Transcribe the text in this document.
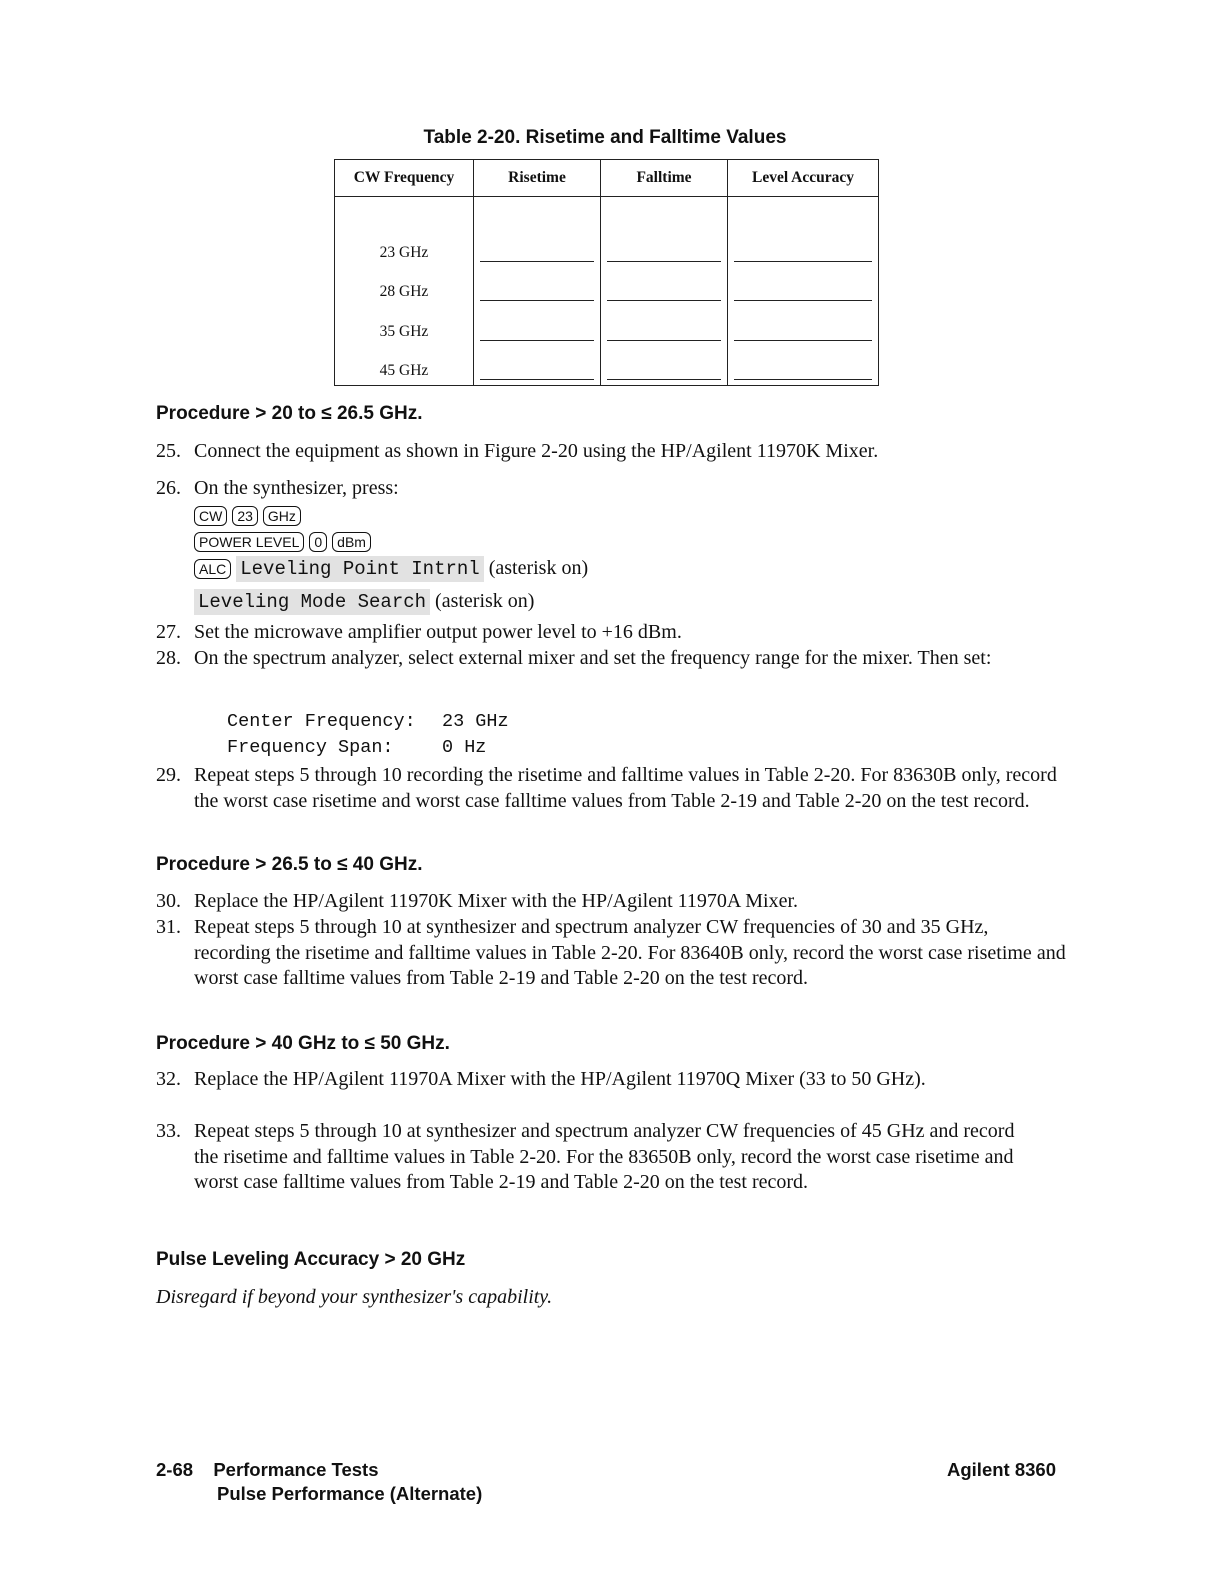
Table 2-20. Risetime and Falltime Values
CW Frequency	Risetime	Falltime	Level Accuracy

23 GHz	

28 GHz	

35 GHz	

45 GHz	

Procedure > 20 to ≤ 26.5 GHz.
25. Connect the equipment as shown in Figure 2-20 using the HP/Agilent 11970K Mixer.
26. On the synthesizer, press:
CW 23 GHz
POWER LEVEL 0 dBm
ALC Leveling Point Intrnl (asterisk on)
Leveling Mode Search (asterisk on)
27. Set the microwave amplifier output power level to +16 dBm.
28. On the spectrum analyzer, select external mixer and set the frequency range for the mixer. Then set:
Center Frequency: 23 GHz
Frequency Span:	0 Hz
29. Repeat steps 5 through 10 recording the risetime and falltime values in Table 2-20. For 83630B only, record the worst case risetime and worst case falltime values from Table 2-19 and Table 2-20 on the test record.
Procedure > 26.5 to ≤ 40 GHz.
30. Replace the HP/Agilent 11970K Mixer with the HP/Agilent 11970A Mixer.
31. Repeat steps 5 through 10 at synthesizer and spectrum analyzer CW frequencies of 30 and 35 GHz, recording the risetime and falltime values in Table 2-20. For 83640B only, record the worst case risetime and worst case falltime values from Table 2-19 and Table 2-20 on the test record.
Procedure > 40 GHz to ≤ 50 GHz.
32. Replace the HP/Agilent 11970A Mixer with the HP/Agilent 11970Q Mixer (33 to 50 GHz).
33. Repeat steps 5 through 10 at synthesizer and spectrum analyzer CW frequencies of 45 GHz and record the risetime and falltime values in Table 2-20. For the 83650B only, record the worst case risetime and worst case falltime values from Table 2-19 and Table 2-20 on the test record.
Pulse Leveling Accuracy > 20 GHz
Disregard if beyond your synthesizer's capability.
2-68 Performance Tests
Pulse Performance (Alternate)
Agilent 8360
